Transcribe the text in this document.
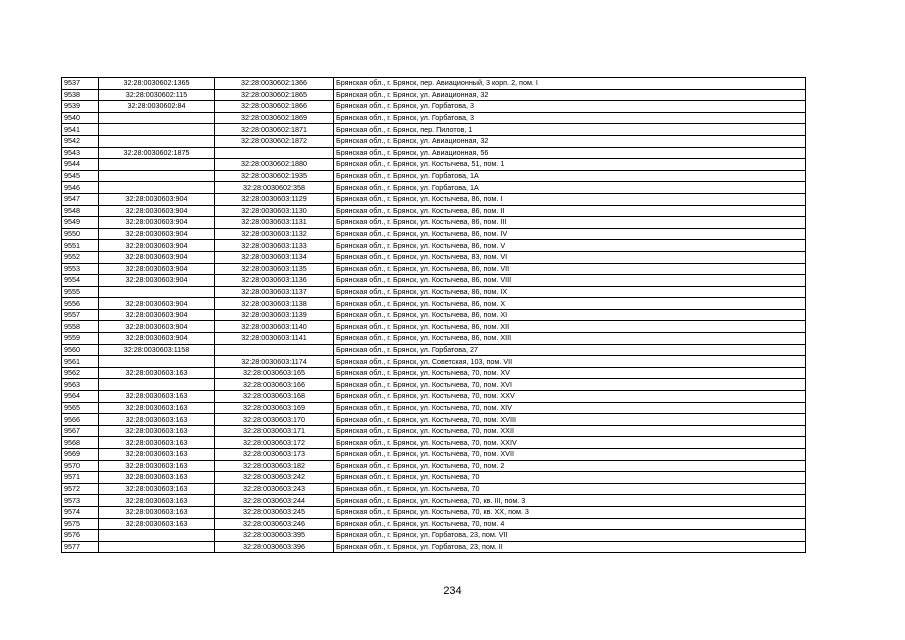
9537	32:28:0030602:1365	32:28:0030602:1366	Брянская обл., г. Брянск, пер. Авиационный, 3 корп. 2, пом. I
9538	32:28:0030602:115	32:28:0030602:1865	Брянская обл., г. Брянск, ул. Авиационная, 32
9539	32:28:0030602:84	32:28:0030602:1866	Брянская обл., г. Брянск, ул. Горбатова, 3
9540		32:28:0030602:1869	Брянская обл., г. Брянск, ул. Горбатова, 3
9541		32:28:0030602:1871	Брянская обл., г. Брянск, пер. Пилотов, 1
9542		32:28:0030602:1872	Брянская обл., г. Брянск, ул. Авиационная, 32
9543	32:28:0030602:1875		Брянская обл., г. Брянск, ул. Авиационная, 56
9544		32:28:0030602:1880	Брянская обл., г. Брянск, ул. Костычева, 51, пом. 1
9545		32:28:0030602:1935	Брянская обл., г. Брянск, ул. Горбатова, 1А
9546		32:28:0030602:358	Брянская обл., г. Брянск, ул. Горбатова, 1А
9547	32:28:0030603:904	32:28:0030603:1129	Брянская обл., г. Брянск, ул. Костычева, 86, пом. I
9548	32:28:0030603:904	32:28:0030603:1130	Брянская обл., г. Брянск, ул. Костычева, 86, пом. II
9549	32:28:0030603:904	32:28:0030603:1131	Брянская обл., г. Брянск, ул. Костычева, 86, пом. III
9550	32:28:0030603:904	32:28:0030603:1132	Брянская обл., г. Брянск, ул. Костычева, 86, пом. IV
9551	32:28:0030603:904	32:28:0030603:1133	Брянская обл., г. Брянск, ул. Костычева, 86, пом. V
9552	32:28:0030603:904	32:28:0030603:1134	Брянская обл., г. Брянск, ул. Костычева, 83, пом. VI
9553	32:28:0030603:904	32:28:0030603:1135	Брянская обл., г. Брянск, ул. Костычева, 86, пом. VII
9554	32:28:0030603:904	32:28:0030603:1136	Брянская обл., г. Брянск, ул. Костычева, 86, пом. VIII
9555		32:28:0030603:1137	Брянская обл., г. Брянск, ул. Костычева, 86, пом. IX
9556	32:28:0030603:904	32:28:0030603:1138	Брянская обл., г. Брянск, ул. Костычева, 86, пом. X
9557	32:28:0030603:904	32:28:0030603:1139	Брянская обл., г. Брянск, ул. Костычева, 86, пом. XI
9558	32:28:0030603:904	32:28:0030603:1140	Брянская обл., г. Брянск, ул. Костычева, 86, пом. XII
9559	32:28:0030603:904	32:28:0030603:1141	Брянская обл., г. Брянск, ул. Костычева, 86, пом. XIII
9560	32:28:0030603:1158		Брянская обл., г. Брянск, ул. Горбатова, 27
9561		32:28:0030603:1174	Брянская обл., г. Брянск, ул. Советская, 103, пом. VII
9562	32:28:0030603:163	32:28:0030603:165	Брянская обл., г. Брянск, ул. Костычева, 70, пом. XV
9563		32:28:0030603:166	Брянская обл., г. Брянск, ул. Костычева, 70, пом. XVI
9564	32:28:0030603:163	32:28:0030603:168	Брянская обл., г. Брянск, ул. Костычева, 70, пом. XXV
9565	32:28:0030603:163	32:28:0030603:169	Брянская обл., г. Брянск, ул. Костычева, 70, пом. XIV
9566	32:28:0030603:163	32:28:0030603:170	Брянская обл., г. Брянск, ул. Костычева, 70, пом. XVIII
9567	32:28:0030603:163	32:28:0030603:171	Брянская обл., г. Брянск, ул. Костычева, 70, пом. XXII
9568	32:28:0030603:163	32:28:0030603:172	Брянская обл., г. Брянск, ул. Костычева, 70, пом. XXIV
9569	32:28:0030603:163	32:28:0030603:173	Брянская обл., г. Брянск, ул. Костычева, 70, пом. XVII
9570	32:28:0030603:163	32:28:0030603:182	Брянская обл., г. Брянск, ул. Костычева, 70, пом. 2
9571	32:28:0030603:163	32:28:0030603:242	Брянская обл., г. Брянск, ул. Костычева, 70
9572	32:28:0030603:163	32:28:0030603:243	Брянская обл., г. Брянск, ул. Костычева, 70
9573	32:28:0030603:163	32:28:0030603:244	Брянская обл., г. Брянск, ул. Костычева, 70, кв. III, пом. 3
9574	32:28:0030603:163	32:28:0030603:245	Брянская обл., г. Брянск, ул. Костычева, 70, кв. XX, пом. 3
9575	32:28:0030603:163	32:28:0030603:246	Брянская обл., г. Брянск, ул. Костычева, 70, пом. 4
9576		32:28:0030603:395	Брянская обл., г. Брянск, ул. Горбатова, 23, пом. VII
9577		32:28:0030603:396	Брянская обл., г. Брянск, ул. Горбатова, 23, пом. II
234
